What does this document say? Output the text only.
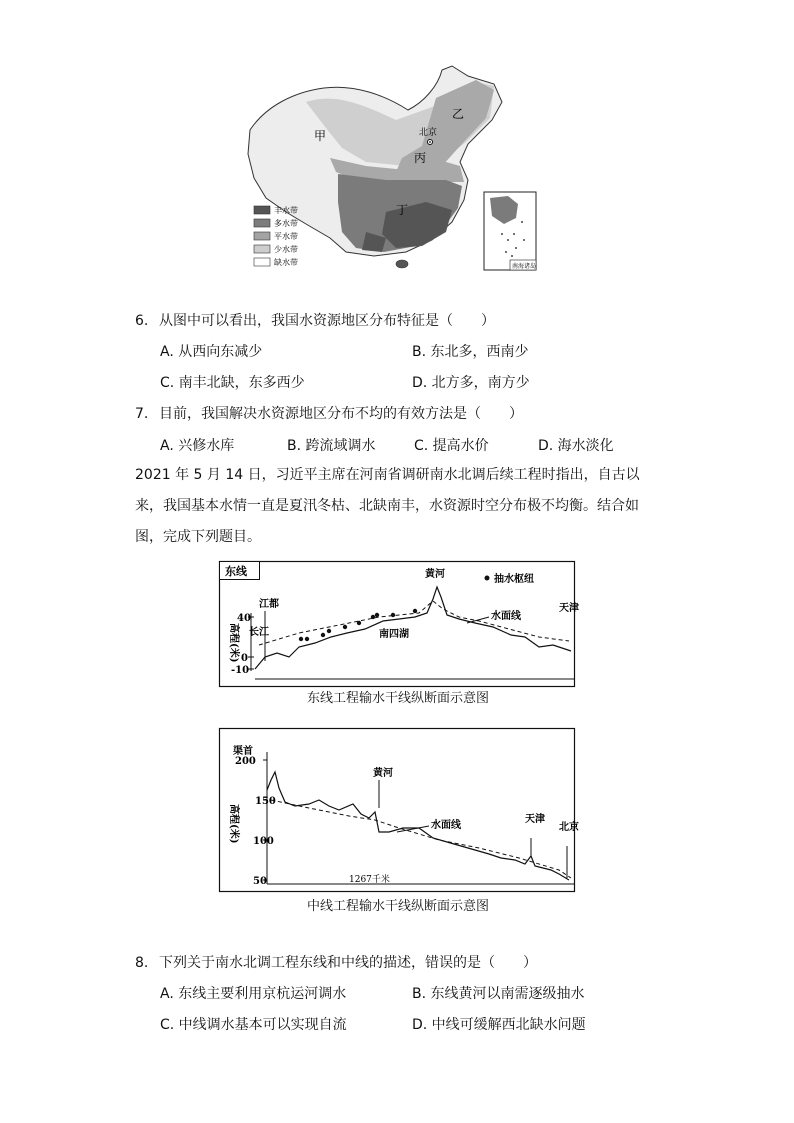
北京
甲
乙
丙
丁
丰水带
多水带
平水带
少水带
缺水带	南海诸岛
6. 从图中可以看出，我国水资源地区分布特征是（　　）
A. 从西向东减少	B. 东北多，西南少
C. 南丰北缺，东多西少	D. 北方多，南方少
7. 目前，我国解决水资源地区分布不均的有效方法是（　　）
A. 兴修水库	B. 跨流域调水	C. 提高水价	D. 海水淡化
2021 年 5 月 14 日，习近平主席在河南省调研南水北调后续工程时指出，自古以来，我国基本水情一直是夏汛冬枯、北缺南丰，水资源时空分布极不均衡。结合如图，完成下列题目。
东线
抽水枢纽
40
0
-10
高程(米)
江都
长江
黄河
南四湖
水面线
天津
东线工程输水干线纵断面示意图
200
150
100
50
高程(米)
渠首
黄河
水面线
天津
北京
1267千米
中线工程输水干线纵断面示意图
8. 下列关于南水北调工程东线和中线的描述，错误的是（　　）
A. 东线主要利用京杭运河调水	B. 东线黄河以南需逐级抽水
C. 中线调水基本可以实现自流	D. 中线可缓解西北缺水问题
